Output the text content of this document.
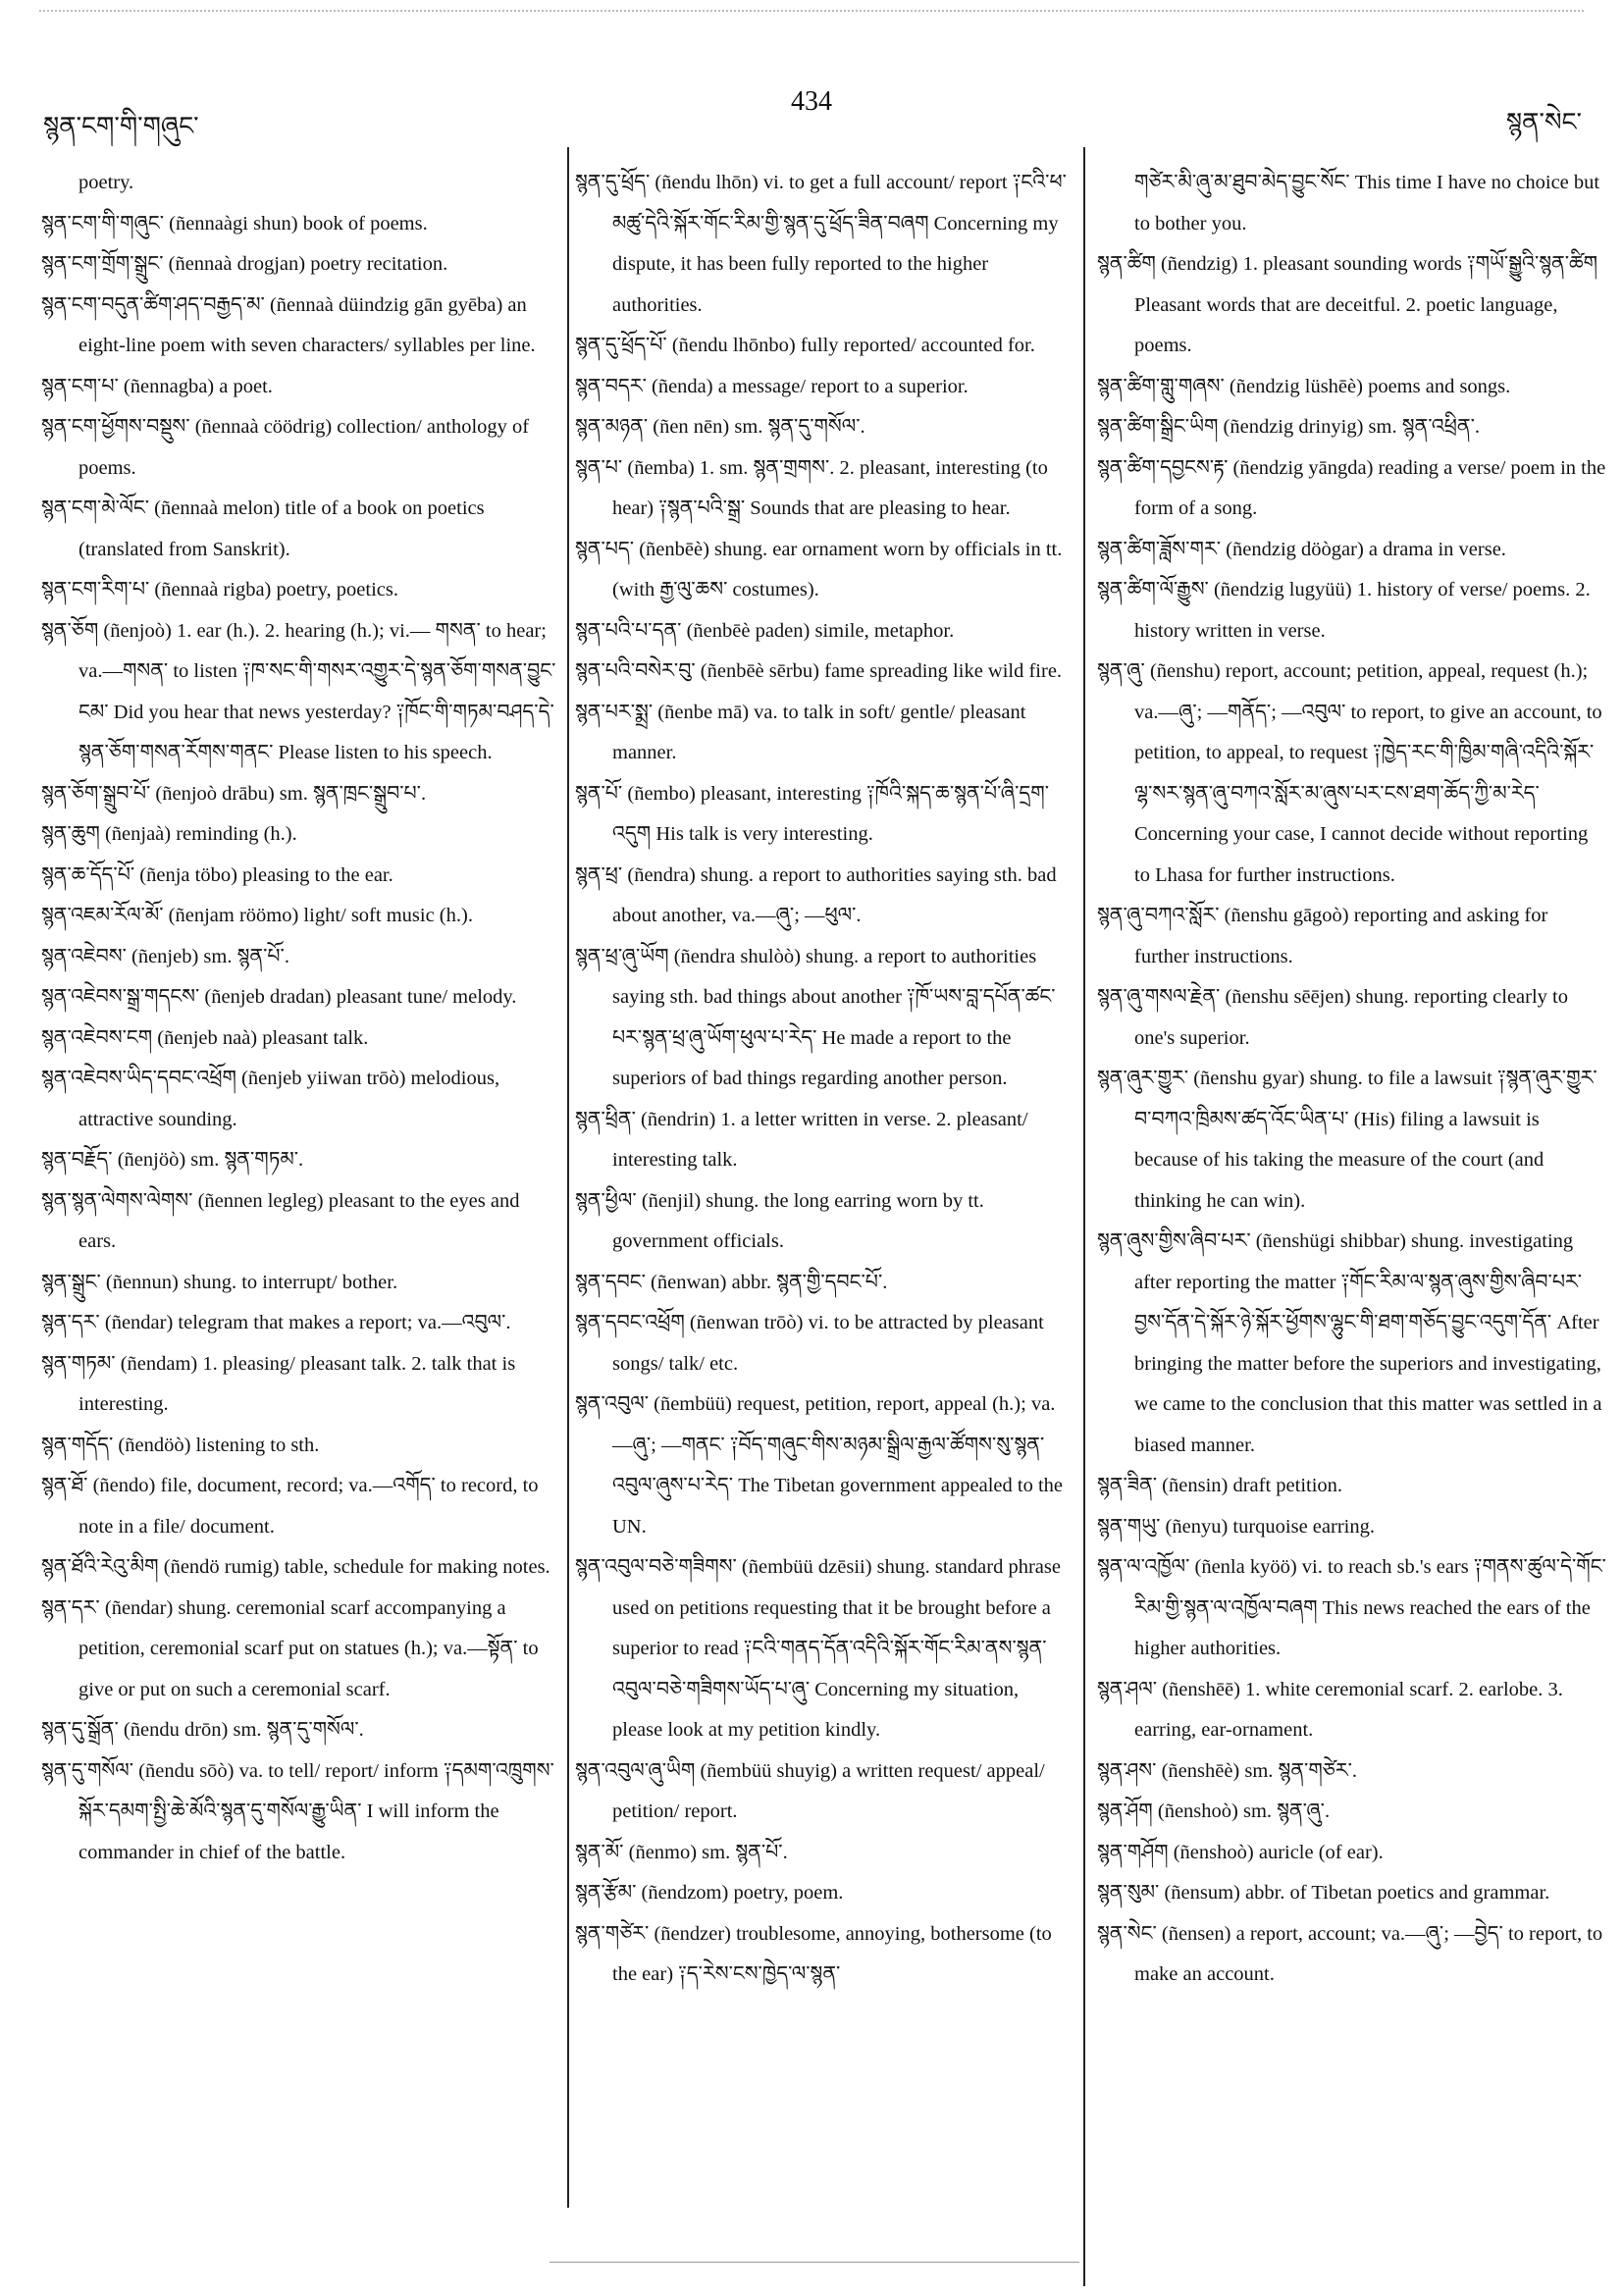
སྙན་ངག་གི་གཞུང་
434
སྙན་སེང་

poetry.

སྙན་ངག་གི་གཞུང་ (ñennaàgi shun) book of poems.

སྙན་ངག་གྲོག་སྒྲུང་ (ñennaà drogjan) poetry recitation.

སྙན་ངག་བདུན་ཚིག་ཤད་བརྒྱད་མ་ (ñennaà düindzig gān gyēba) an eight-line poem with seven characters/ syllables per line.

སྙན་ངག་པ་ (ñennagba) a poet.

སྙན་ངག་ཕྱོགས་བསྡུས་ (ñennaà cöödrig) collection/ anthology of poems.

སྙན་ངག་མེ་ལོང་ (ñennaà melon) title of a book on poetics (translated from Sanskrit).

སྙན་ངག་རིག་པ་ (ñennaà rigba) poetry, poetics.

སྙན་ཅོག (ñenjoò) 1. ear (h.). 2. hearing (h.); vi.— གསན་ to hear; va.—གསན་ to listen ༑ཁ་སང་གི་གསར་འགྱུར་དེ་སྙན་ཅོག་གསན་བྱུང་ངམ་ Did you hear that news yesterday? ༑ཁོང་གི་གཏམ་བཤད་དེ་སྙན་ཅོག་གསན་རོགས་གནང་ Please listen to his speech.

སྙན་ཅོག་སྒྲུབ་པོ་ (ñenjoò drābu) sm. སྙན་ཁྲང་སྒྲུབ་པ་.

སྙན་ཆུག (ñenjaà) reminding (h.).

སྙན་ཆ་དོད་པོ་ (ñenja töbo) pleasing to the ear.

སྙན་འཇམ་རོལ་མོ་ (ñenjam röömo) light/ soft music (h.).

སྙན་འཇེབས་ (ñenjeb) sm. སྙན་པོ་.

སྙན་འཇེབས་སྒྲ་གདངས་ (ñenjeb dradan) pleasant tune/ melody.

སྙན་འཇེབས་ངག (ñenjeb naà) pleasant talk.

སྙན་འཇེབས་ཡིད་དབང་འཕྲོག (ñenjeb yiiwan trōò) melodious, attractive sounding.

སྙན་བརྗོད་ (ñenjöò) sm. སྙན་གཏམ་.

སྙན་སྙན་ལེགས་ལེགས་ (ñennen legleg) pleasant to the eyes and ears.

སྙན་སྒྲུང་ (ñennun) shung. to interrupt/ bother.

སྙན་དར་ (ñendar) telegram that makes a report; va.—འབུལ་.

སྙན་གཏམ་ (ñendam) 1. pleasing/ pleasant talk. 2. talk that is interesting.

སྙན་གདོད་ (ñendöò) listening to sth.

སྙན་ཐོ་ (ñendo) file, document, record; va.—འགོད་ to record, to note in a file/ document.

སྙན་ཐོའི་རེའུ་མིག (ñendö rumig) table, schedule for making notes.

སྙན་དར་ (ñendar) shung. ceremonial scarf accompanying a petition, ceremonial scarf put on statues (h.); va.—སྟོན་ to give or put on such a ceremonial scarf.

སྙན་དུ་སྒྲོན་ (ñendu drōn) sm. སྙན་དུ་གསོལ་.

སྙན་དུ་གསོལ་ (ñendu sōò) va. to tell/ report/ inform ༑དམག་འཁྲུགས་སྐོར་དམག་སྤྱི་ཆེ་མོའི་སྙན་དུ་གསོལ་རྒྱུ་ཡིན་ I will inform the commander in chief of the battle.

སྙན་དུ་ཕྲོད་ (ñendu lhōn) vi. to get a full account/ report ༑ངའི་ཕ་མཚུ་དེའི་སྐོར་གོང་རིམ་གྱི་སྙན་དུ་ཕྲོད་ཟིན་བཞག Concerning my dispute, it has been fully reported to the higher authorities.

སྙན་དུ་ཕྲོད་པོ་ (ñendu lhōnbo) fully reported/ accounted for.

སྙན་བདར་ (ñenda) a message/ report to a superior.

སྙན་མཉན་ (ñen nēn) sm. སྙན་དུ་གསོལ་.

སྙན་པ་ (ñemba) 1. sm. སྙན་གྲགས་. 2. pleasant, interesting (to hear) ༑སྙན་པའི་སྒྲ་ Sounds that are pleasing to hear.

སྙན་པད་ (ñenbēè) shung. ear ornament worn by officials in tt. (with རྒྱ་ལུ་ཆས་ costumes).

སྙན་པའི་པ་དན་ (ñenbēè paden) simile, metaphor.

སྙན་པའི་བསེར་བུ་ (ñenbēè sērbu) fame spreading like wild fire.

སྙན་པར་སྨྲ་ (ñenbe mā) va. to talk in soft/ gentle/ pleasant manner.

སྙན་པོ་ (ñembo) pleasant, interesting ༑ཁོའི་སྐད་ཆ་སྙན་པོ་ཞི་དྲག་འདུག His talk is very interesting.

སྙན་ཕྲ་ (ñendra) shung. a report to authorities saying sth. bad about another, va.—ཞུ་; —ཕུལ་.

སྙན་ཕྲ་ཞུ་ཡོག (ñendra shulòò) shung. a report to authorities saying sth. bad things about another ༑ཁོ་ཡས་བླ་དཔོན་ཚང་པར་སྙན་ཕྲ་ཞུ་ཡོག་ཕུལ་པ་རེད་ He made a report to the superiors of bad things regarding another person.

སྙན་ཕྲིན་ (ñendrin) 1. a letter written in verse. 2. pleasant/ interesting talk.

སྙན་ཕྱིལ་ (ñenjil) shung. the long earring worn by tt. government officials.

སྙན་དབང་ (ñenwan) abbr. སྙན་གྱི་དབང་པོ་.

སྙན་དབང་འཕྲོག (ñenwan trōò) vi. to be attracted by pleasant songs/ talk/ etc.

སྙན་འབུལ་ (ñembüü) request, petition, report, appeal (h.); va.—ཞུ་; —གནང་ ༑བོད་གཞུང་གིས་མཉམ་སྒྲིལ་རྒྱལ་ཚོགས་སུ་སྙན་འབུལ་ཞུས་པ་རེད་ The Tibetan government appealed to the UN.

སྙན་འབུལ་བཅེ་གཟིགས་ (ñembüü dzēsii) shung. standard phrase used on petitions requesting that it be brought before a superior to read ༑ངའི་གནད་དོན་འདིའི་སྐོར་གོང་རིམ་ནས་སྙན་འབུལ་བཅེ་གཟིགས་ཡོད་པ་ཞུ་ Concerning my situation, please look at my petition kindly.

སྙན་འབུལ་ཞུ་ཡིག (ñembüü shuyig) a written request/ appeal/ petition/ report.

སྙན་མོ་ (ñenmo) sm. སྙན་པོ་.

སྙན་རྩོམ་ (ñendzom) poetry, poem.

སྙན་གཙེར་ (ñendzer) troublesome, annoying, bothersome (to the ear) ༑ད་རེས་ངས་ཁྱེད་ལ་སྙན་

གཙེར་མི་ཞུ་མ་ཐུབ་མེད་བྱུང་སོང་ This time I have no choice but to bother you.

སྙན་ཚིག (ñendzig) 1. pleasant sounding words ༑གཡོ་སྒྱུའི་སྙན་ཚིག Pleasant words that are deceitful. 2. poetic language, poems.

སྙན་ཚིག་གླུ་གཞས་ (ñendzig lüshēè) poems and songs.

སྙན་ཚིག་སྒྲིང་ཡིག (ñendzig drinyig) sm. སྙན་འཕྲིན་.

སྙན་ཚིག་དབྱངས་རྟ་ (ñendzig yāngda) reading a verse/ poem in the form of a song.

སྙན་ཚིག་ཟློས་གར་ (ñendzig döògar) a drama in verse.

སྙན་ཚིག་ལོ་རྒྱུས་ (ñendzig lugyüü) 1. history of verse/ poems. 2. history written in verse.

སྙན་ཞུ་ (ñenshu) report, account; petition, appeal, request (h.); va.—ཞུ་; —གནོད་; —འབུལ་ to report, to give an account, to petition, to appeal, to request ༑ཁྱེད་རང་གི་ཁྱིམ་གཞི་འདིའི་སྐོར་ལྷ་སར་སྙན་ཞུ་བཀའ་སློར་མ་ཞུས་པར་ངས་ཐག་ཆོད་ཀྱི་མ་རེད་ Concerning your case, I cannot decide without reporting to Lhasa for further instructions.

སྙན་ཞུ་བཀའ་སློར་ (ñenshu gāgoò) reporting and asking for further instructions.

སྙན་ཞུ་གསལ་རྗེན་ (ñenshu sēējen) shung. reporting clearly to one's superior.

སྙན་ཞུར་གྱུར་ (ñenshu gyar) shung. to file a lawsuit ༑སྙན་ཞུར་གྱུར་བ་བཀའ་ཁྲིམས་ཚད་འོང་ཡིན་པ་ (His) filing a lawsuit is because of his taking the measure of the court (and thinking he can win).

སྙན་ཞུས་གྱིས་ཞིབ་པར་ (ñenshügi shibbar) shung. investigating after reporting the matter ༑གོང་རིམ་ལ་སྙན་ཞུས་གྱིས་ཞིབ་པར་བྱས་དོན་དེ་སྐོར་ཉེ་སྐོར་ཕྱོགས་ལྷུང་གི་ཐག་གཅོད་བྱུང་འདུག་དོན་ After bringing the matter before the superiors and investigating, we came to the conclusion that this matter was settled in a biased manner.

སྙན་ཟིན་ (ñensin) draft petition.

སྙན་གཡུ་ (ñenyu) turquoise earring.

སྙན་ལ་འཁྱོལ་ (ñenla kyöö) vi. to reach sb.'s ears ༑གནས་ཚུལ་དེ་གོང་རིམ་གྱི་སྙན་ལ་འཁྱོལ་བཞག This news reached the ears of the higher authorities.

སྙན་ཤལ་ (ñenshēē) 1. white ceremonial scarf. 2. earlobe. 3. earring, ear-ornament.

སྙན་ཤས་ (ñenshēè) sm. སྙན་གཙེར་.

སྙན་ཤོག (ñenshoò) sm. སྙན་ཞུ་.

སྙན་གཤོག (ñenshoò) auricle (of ear).

སྙན་སུམ་ (ñensum) abbr. of Tibetan poetics and grammar.

སྙན་སེང་ (ñensen) a report, account; va.—ཞུ་; —བྱེད་ to report, to make an account.
